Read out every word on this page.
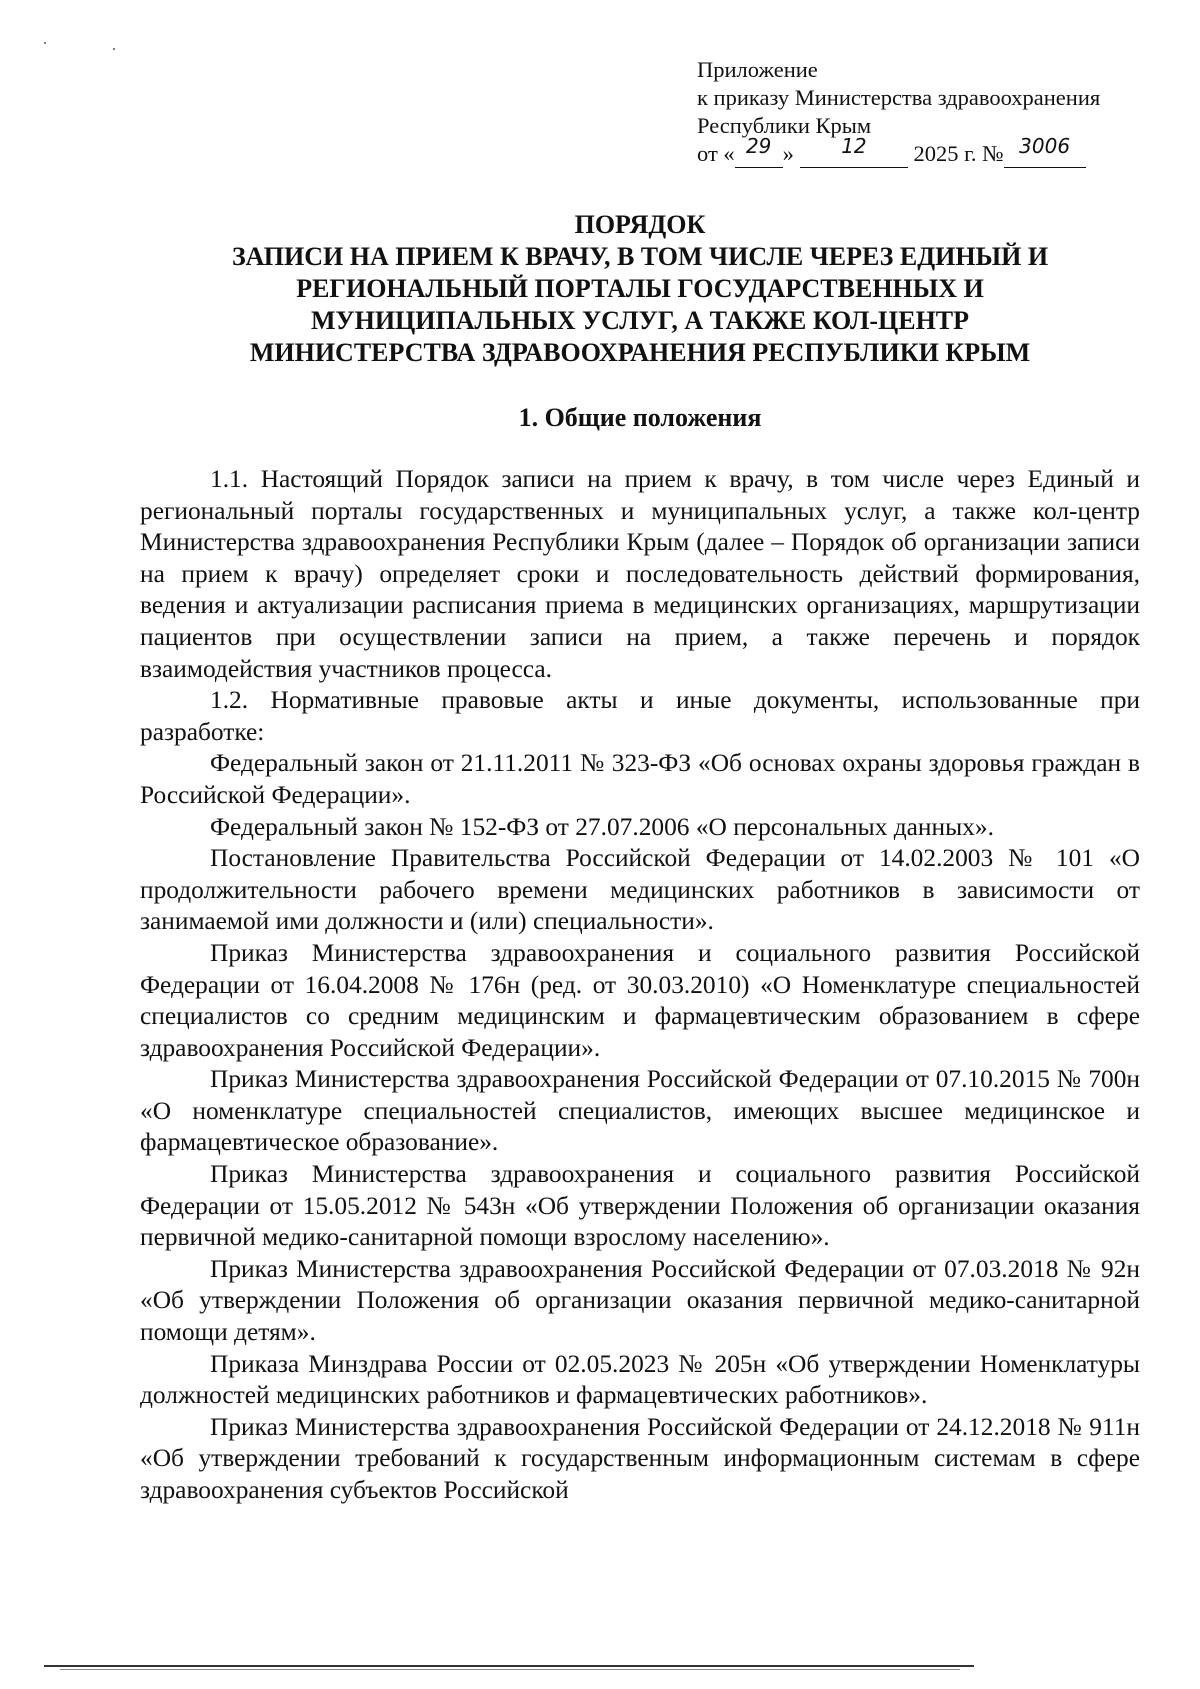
Приложение
к приказу Министерства здравоохранения
Республики Крым
от « 29 » 12 2025 г. № 3006
ПОРЯДОК
ЗАПИСИ НА ПРИЕМ К ВРАЧУ, В ТОМ ЧИСЛЕ ЧЕРЕЗ ЕДИНЫЙ И
РЕГИОНАЛЬНЫЙ ПОРТАЛЫ ГОСУДАРСТВЕННЫХ И
МУНИЦИПАЛЬНЫХ УСЛУГ, А ТАКЖЕ КОЛ-ЦЕНТР
МИНИСТЕРСТВА ЗДРАВООХРАНЕНИЯ РЕСПУБЛИКИ КРЫМ
1. Общие положения

1.1. Настоящий Порядок записи на прием к врачу, в том числе через Единый и региональный порталы государственных и муниципальных услуг, а также кол-центр Министерства здравоохранения Республики Крым (далее – Порядок об организации записи на прием к врачу) определяет сроки и последовательность действий формирования, ведения и актуализации расписания приема в медицинских организациях, маршрутизации пациентов при осуществлении записи на прием, а также перечень и порядок взаимодействия участников процесса.

1.2. Нормативные правовые акты и иные документы, использованные при разработке:

Федеральный закон от 21.11.2011 № 323-ФЗ «Об основах охраны здоровья граждан в Российской Федерации».

Федеральный закон № 152-ФЗ от 27.07.2006 «О персональных данных».

Постановление Правительства Российской Федерации от 14.02.2003 № 101 «О продолжительности рабочего времени медицинских работников в зависимости от занимаемой ими должности и (или) специальности».

Приказ Министерства здравоохранения и социального развития Российской Федерации от 16.04.2008 № 176н (ред. от 30.03.2010) «О Номенклатуре специальностей специалистов со средним медицинским и фармацевтическим образованием в сфере здравоохранения Российской Федерации».

Приказ Министерства здравоохранения Российской Федерации от 07.10.2015 № 700н «О номенклатуре специальностей специалистов, имеющих высшее медицинское и фармацевтическое образование».

Приказ Министерства здравоохранения и социального развития Российской Федерации от 15.05.2012 № 543н «Об утверждении Положения об организации оказания первичной медико-санитарной помощи взрослому населению».

Приказ Министерства здравоохранения Российской Федерации от 07.03.2018 № 92н «Об утверждении Положения об организации оказания первичной медико-санитарной помощи детям».

Приказа Минздрава России от 02.05.2023 № 205н «Об утверждении Номенклатуры должностей медицинских работников и фармацевтических работников».

Приказ Министерства здравоохранения Российской Федерации от 24.12.2018 № 911н «Об утверждении требований к государственным информационным системам в сфере здравоохранения субъектов Российской
